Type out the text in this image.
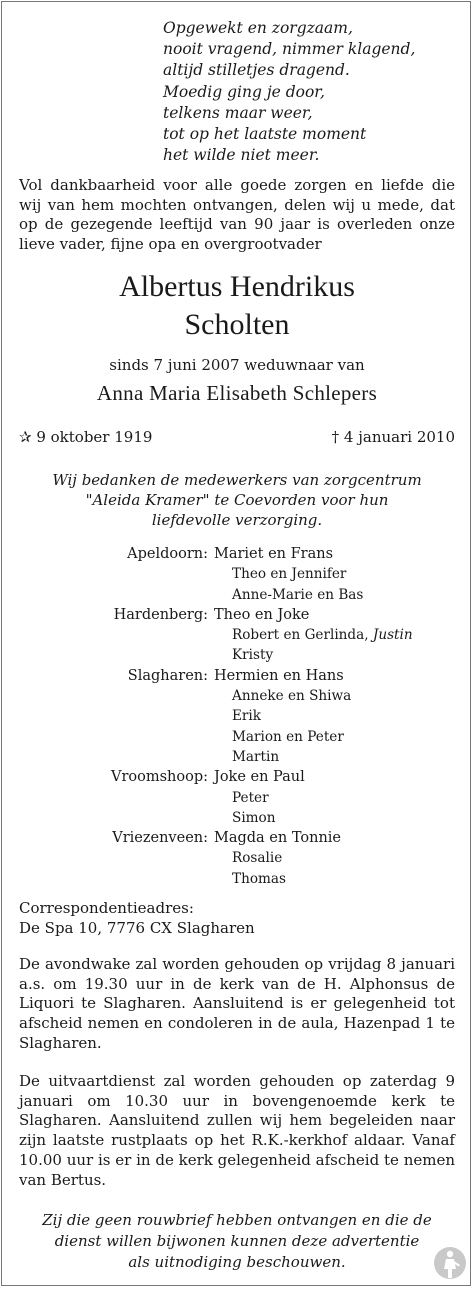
Opgewekt en zorgzaam,
nooit vragend, nimmer klagend,
altijd stilletjes dragend.
Moedig ging je door,
telkens maar weer,
tot op het laatste moment
het wilde niet meer.
Vol dankbaarheid voor alle goede zorgen en liefde die wij van hem mochten ontvangen, delen wij u mede, dat op de gezegende leeftijd van 90 jaar is overleden onze lieve vader, fijne opa en overgrootvader
Albertus Hendrikus
Scholten
sinds 7 juni 2007 weduwnaar van
Anna Maria Elisabeth Schlepers
✰ 9 oktober 1919	† 4 januari 2010
Wij bedanken de medewerkers van zorgcentrum
"Aleida Kramer" te Coevorden voor hun
liefdevolle verzorging.
Apeldoorn: Mariet en Frans
Theo en Jennifer
Anne-Marie en Bas
Hardenberg: Theo en Joke
Robert en Gerlinda, Justin
Kristy
Slagharen: Hermien en Hans
Anneke en Shiwa
Erik
Marion en Peter
Martin
Vroomshoop: Joke en Paul
Peter
Simon
Vriezenveen: Magda en Tonnie
Rosalie
Thomas
Correspondentieadres:
De Spa 10, 7776 CX Slagharen
De avondwake zal worden gehouden op vrijdag 8 januari a.s. om 19.30 uur in de kerk van de H. Alphonsus de Liquori te Slagharen. Aansluitend is er gelegenheid tot afscheid nemen en condoleren in de aula, Hazenpad 1 te Slagharen.
De uitvaartdienst zal worden gehouden op zaterdag 9 januari om 10.30 uur in bovengenoemde kerk te Slagharen. Aansluitend zullen wij hem begeleiden naar zijn laatste rustplaats op het R.K.-kerkhof aldaar. Vanaf 10.00 uur is er in de kerk gelegenheid afscheid te nemen van Bertus.
Zij die geen rouwbrief hebben ontvangen en die de
dienst willen bijwonen kunnen deze advertentie
als uitnodiging beschouwen.
